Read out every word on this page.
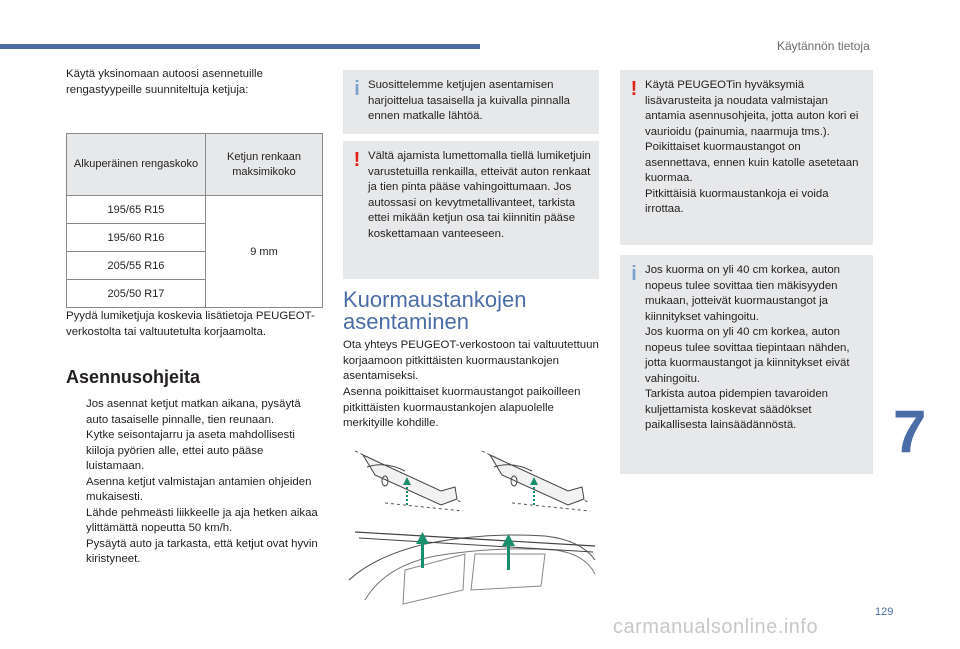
Käytännön tietoja
Käytä yksinomaan autoosi asennetuille rengastyypeille suunniteltuja ketjuja:
Alkuperäinen rengaskoko	Ketjun renkaan maksimikoko
195/65 R15	9 mm
195/60 R16	
205/55 R16	
205/50 R17	
Pyydä lumiketjuja koskevia lisätietoja PEUGEOT-verkostolta tai valtuutetulta korjaamolta.
Asennusohjeita
Jos asennat ketjut matkan aikana, pysäytä auto tasaiselle pinnalle, tien reunaan.
Kytke seisontajarru ja aseta mahdollisesti kiiloja pyörien alle, ettei auto pääse luistamaan.
Asenna ketjut valmistajan antamien ohjeiden mukaisesti.
Lähde pehmeästi liikkeelle ja aja hetken aikaa ylittämättä nopeutta 50 km/h.
Pysäytä auto ja tarkasta, että ketjut ovat hyvin kiristyneet.
i Suosittelemme ketjujen asentamisen harjoittelua tasaisella ja kuivalla pinnalla ennen matkalle lähtöä.
! Vältä ajamista lumettomalla tiellä lumiketjuin varustetuilla renkailla, etteivät auton renkaat ja tien pinta pääse vahingoittumaan. Jos autossasi on kevytmetallivanteet, tarkista ettei mikään ketjun osa tai kiinnitin pääse koskettamaan vanteeseen.
Kuormaustankojen asentaminen
Ota yhteys PEUGEOT-verkostoon tai valtuutettuun korjaamoon pitkittäisten kuormaustankojen asentamiseksi.
Asenna poikittaiset kuormaustangot paikoilleen pitkittäisten kuormaustankojen alapuolelle merkityille kohdille.
! Käytä PEUGEOTin hyväksymiä lisävarusteita ja noudata valmistajan antamia asennusohjeita, jotta auton kori ei vaurioidu (painumia, naarmuja tms.).
Poikittaiset kuormaustangot on asennettava, ennen kuin katolle asetetaan kuormaa.
Pitkittäisiä kuormaustankoja ei voida irrottaa.
i Jos kuorma on yli 40 cm korkea, auton nopeus tulee sovittaa tien mäkisyyden mukaan, jotteivät kuormaustangot ja kiinnitykset vahingoitu.
Jos kuorma on yli 40 cm korkea, auton nopeus tulee sovittaa tiepintaan nähden, jotta kuormaustangot ja kiinnitykset eivät vahingoitu.
Tarkista autoa pidempien tavaroiden kuljettamista koskevat säädökset paikallisesta lainsäädännöstä.	7
129
carmanualsonline.info
